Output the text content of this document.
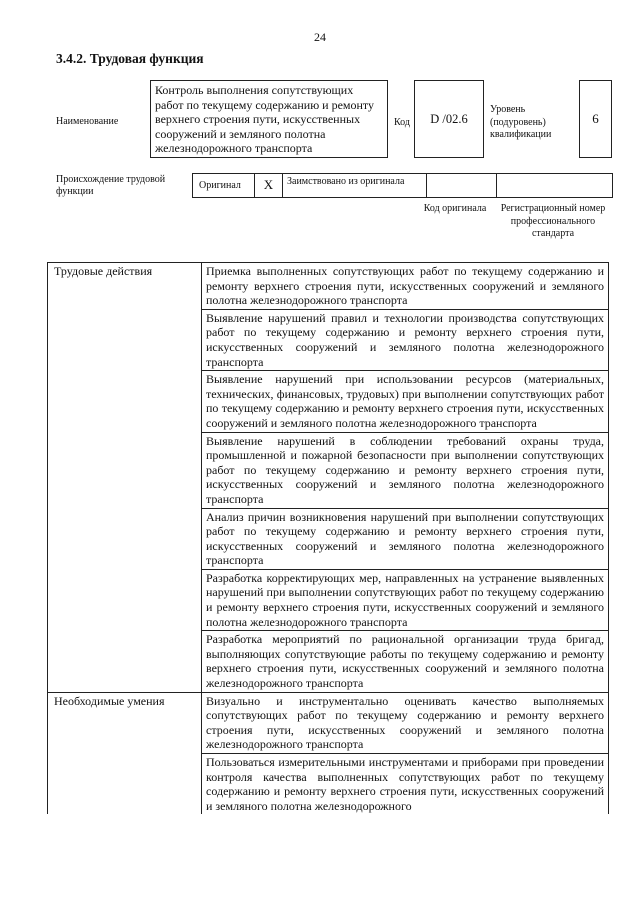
24
3.4.2. Трудовая функция
Наименование
Контроль выполнения сопутствующих работ по текущему содержанию и ремонту верхнего строения пути, искусственных сооружений и земляного полотна железнодорожного транспорта
Код	D /02.6
Уровень (подуровень) квалификации
6
Происхождение трудовой функции
Оригинал	X	Заимствовано из оригинала
Код оригинала	Регистрационный номер профессионального стандарта
Трудовые действия	Приемка выполненных сопутствующих работ по текущему содержанию и ремонту верхнего строения пути, искусственных сооружений и земляного полотна железнодорожного транспорта
	Выявление нарушений правил и технологии производства сопутствующих работ по текущему содержанию и ремонту верхнего строения пути, искусственных сооружений и земляного полотна железнодорожного транспорта
	Выявление нарушений при использовании ресурсов (материальных, технических, финансовых, трудовых) при выполнении сопутствующих работ по текущему содержанию и ремонту верхнего строения пути, искусственных сооружений и земляного полотна железнодорожного транспорта
	Выявление нарушений в соблюдении требований охраны труда, промышленной и пожарной безопасности при выполнении сопутствующих работ по текущему содержанию и ремонту верхнего строения пути, искусственных сооружений и земляного полотна железнодорожного транспорта
	Анализ причин возникновения нарушений при выполнении сопутствующих работ по текущему содержанию и ремонту верхнего строения пути, искусственных сооружений и земляного полотна железнодорожного транспорта
	Разработка корректирующих мер, направленных на устранение выявленных нарушений при выполнении сопутствующих работ по текущему содержанию и ремонту верхнего строения пути, искусственных сооружений и земляного полотна железнодорожного транспорта
	Разработка мероприятий по рациональной организации труда бригад, выполняющих сопутствующие работы по текущему содержанию и ремонту верхнего строения пути, искусственных сооружений и земляного полотна железнодорожного транспорта
Необходимые умения	Визуально и инструментально оценивать качество выполняемых сопутствующих работ по текущему содержанию и ремонту верхнего строения пути, искусственных сооружений и земляного полотна железнодорожного транспорта
	Пользоваться измерительными инструментами и приборами при проведении контроля качества выполненных сопутствующих работ по текущему содержанию и ремонту верхнего строения пути, искусственных сооружений и земляного полотна железнодорожного
